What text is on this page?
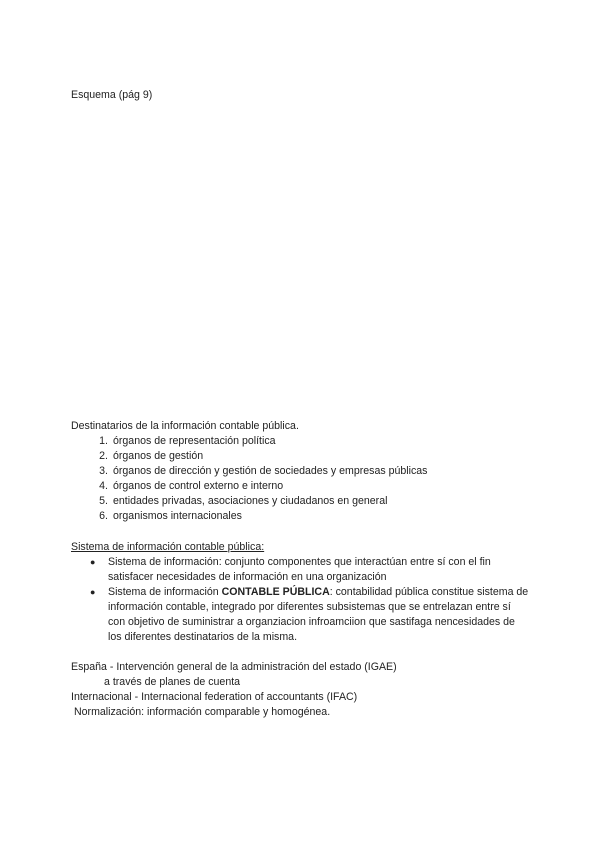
Esquema (pág 9)
Destinatarios de la información contable pública.
1. órganos de representación política
2. órganos de gestión
3. órganos de dirección y gestión de sociedades y empresas públicas
4. órganos de control externo e interno
5. entidades privadas, asociaciones y ciudadanos en general
6. organismos internacionales
Sistema de información contable pública:
● Sistema de información: conjunto componentes que interactúan entre sí con el fin satisfacer necesidades de información en una organización
● Sistema de información CONTABLE PÚBLICA: contabilidad pública constitue sistema de información contable, integrado por diferentes subsistemas que se entrelazan entre sí con objetivo de suministrar a organziacion infroamciion que sastifaga nencesidades de los diferentes destinatarios de la misma.
España - Intervención general de la administración del estado (IGAE)
a través de planes de cuenta
Internacional - Internacional federation of accountants (IFAC)
Normalización: información comparable y homogénea.
